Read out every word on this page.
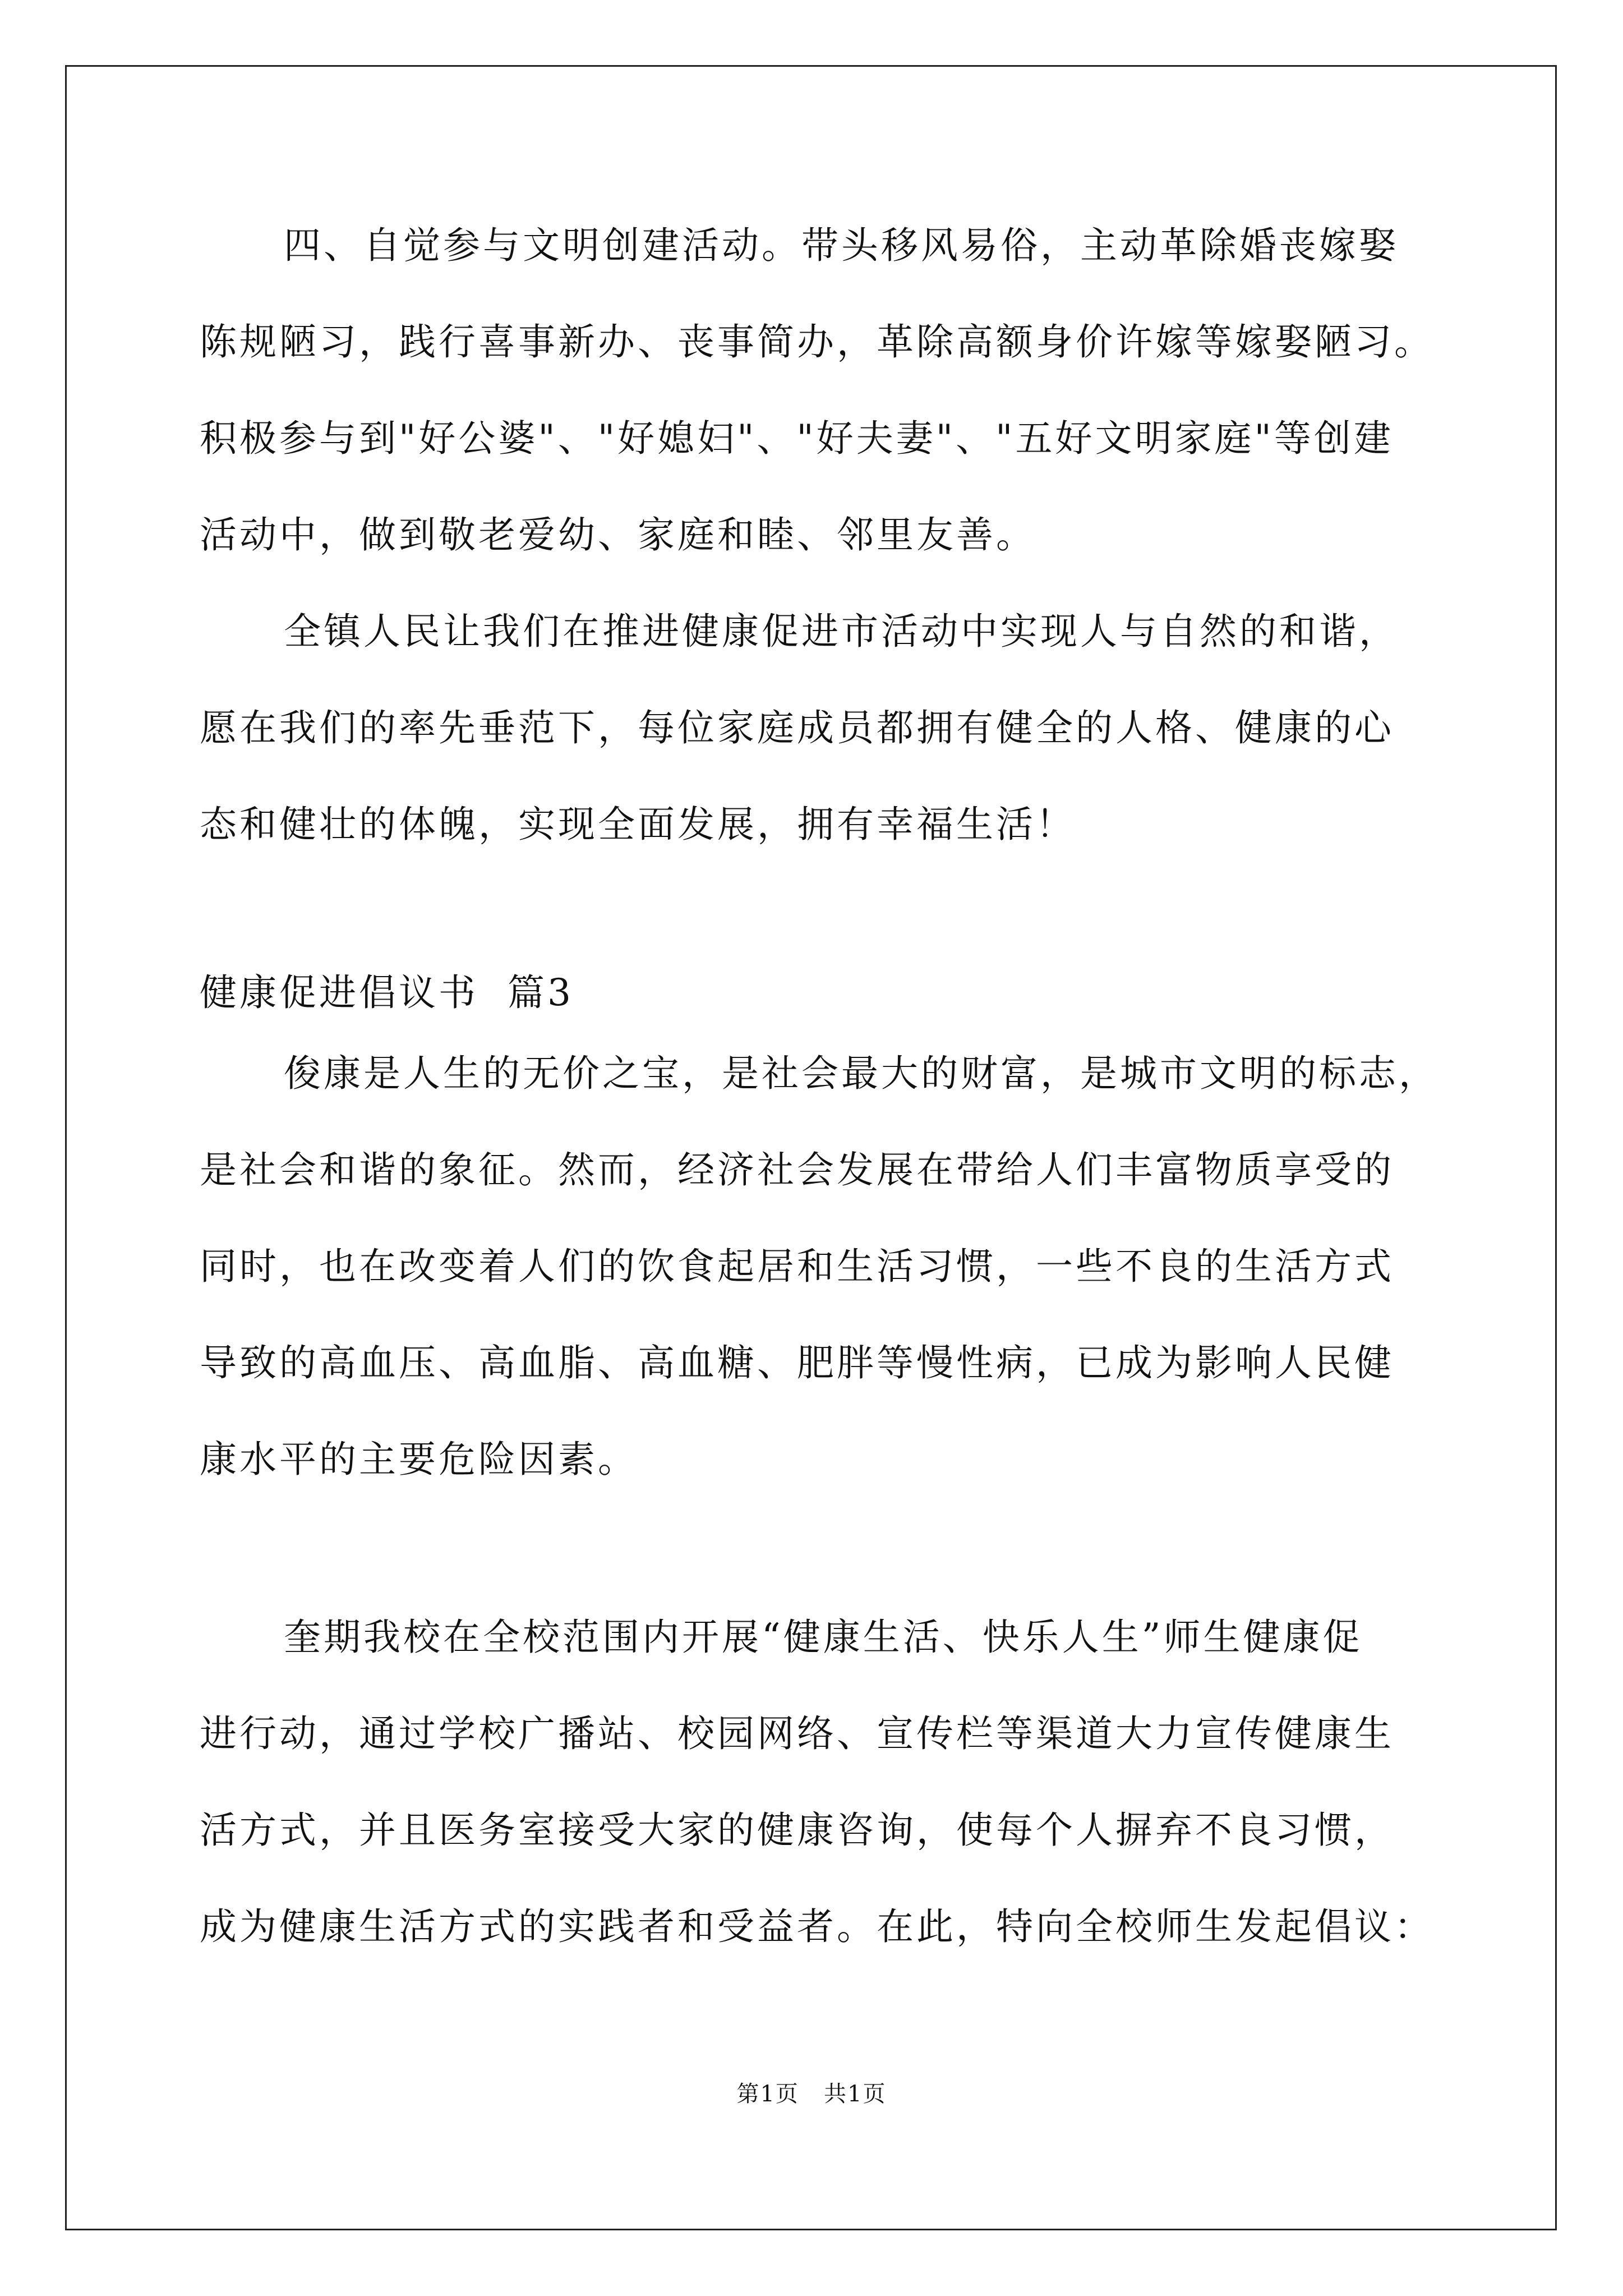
四、自觉参与文明创建活动。带头移风易俗，主动革除婚丧嫁娶
陈规陋习，践行喜事新办、丧事简办，革除高额身价许嫁等嫁娶陋习。
积极参与到"好公婆"、"好媳妇"、"好夫妻"、"五好文明家庭"等创建
活动中，做到敬老爱幼、家庭和睦、邻里友善。
全镇人民让我们在推进健康促进市活动中实现人与自然的和谐，
愿在我们的率先垂范下，每位家庭成员都拥有健全的人格、健康的心
态和健壮的体魄，实现全面发展，拥有幸福生活！
健康促进倡议书  篇3
俊康是人生的无价之宝，是社会最大的财富，是城市文明的标志，
是社会和谐的象征。然而，经济社会发展在带给人们丰富物质享受的
同时，也在改变着人们的饮食起居和生活习惯，一些不良的生活方式
导致的高血压、高血脂、高血糖、肥胖等慢性病，已成为影响人民健
康水平的主要危险因素。
奎期我校在全校范围内开展“健康生活、快乐人生”师生健康促
进行动，通过学校广播站、校园网络、宣传栏等渠道大力宣传健康生
活方式，并且医务室接受大家的健康咨询，使每个人摒弃不良习惯，
成为健康生活方式的实践者和受益者。在此，特向全校师生发起倡议：
第1页   共1页
